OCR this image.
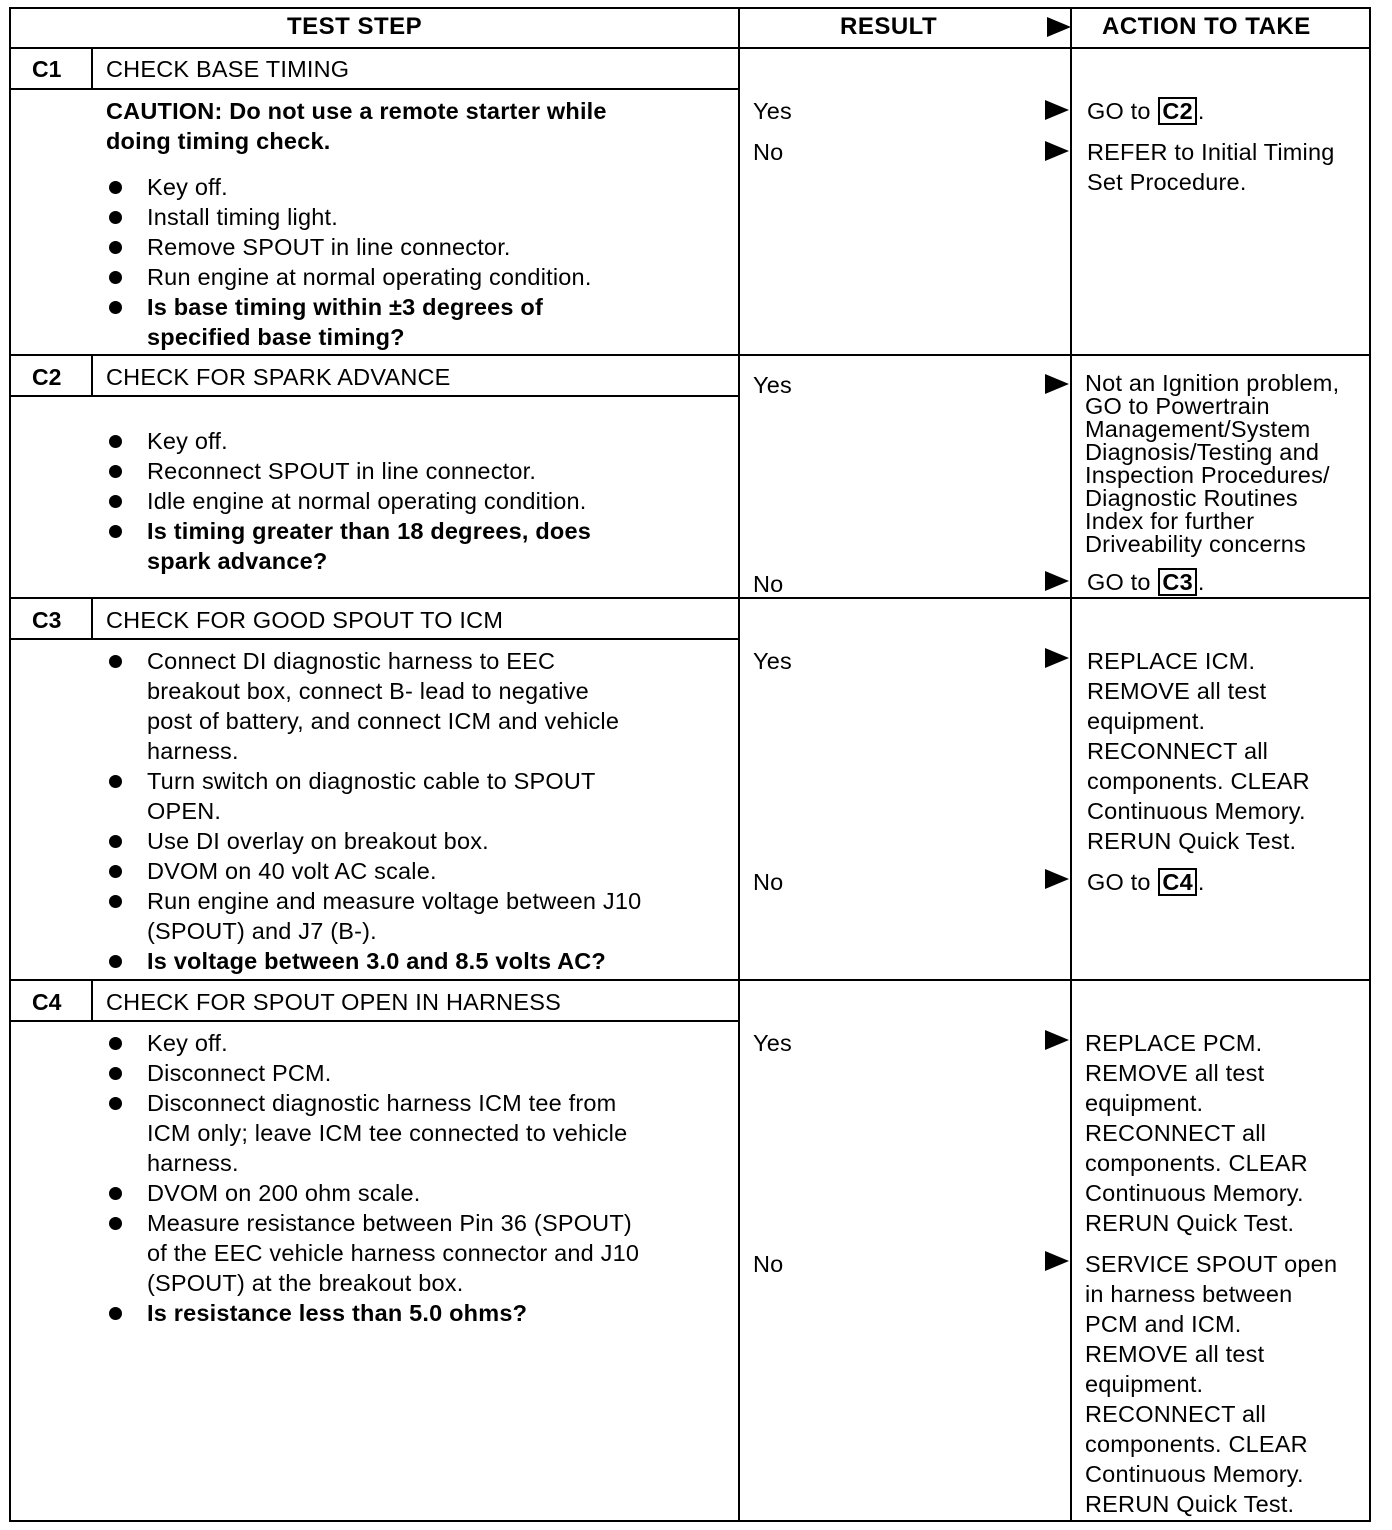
TEST STEP	RESULT	ACTION TO TAKE
C1 CHECK BASE TIMING
CAUTION: Do not use a remote starter while
doing timing check.
Key off.
Install timing light.
Remove SPOUT in line connector.
Run engine at normal operating condition.
Is base timing within ±3 degrees of
specified base timing?
Yes	GO to C2 .
No	REFER to Initial Timing
Set Procedure.
C2 CHECK FOR SPARK ADVANCE
Key off.
Reconnect SPOUT in line connector.
Idle engine at normal operating condition.
Is timing greater than 18 degrees, does
spark advance?
Yes	Not an Ignition problem,
GO to Powertrain
Management/System
Diagnosis/Testing and
Inspection Procedures/
Diagnostic Routines
Index for further
Driveability concerns
No	GO to C3 .
C3 CHECK FOR GOOD SPOUT TO ICM
Connect DI diagnostic harness to EEC
breakout box, connect B- lead to negative
post of battery, and connect ICM and vehicle
harness.
Turn switch on diagnostic cable to SPOUT
OPEN.
Use DI overlay on breakout box.
DVOM on 40 volt AC scale.
Run engine and measure voltage between J10
(SPOUT) and J7 (B-).
Is voltage between 3.0 and 8.5 volts AC?
Yes	REPLACE ICM.
REMOVE all test
equipment.
RECONNECT all
components. CLEAR
Continuous Memory.
RERUN Quick Test.
No	GO to C4 .
C4 CHECK FOR SPOUT OPEN IN HARNESS
Key off.
Disconnect PCM.
Disconnect diagnostic harness ICM tee from
ICM only; leave ICM tee connected to vehicle
harness.
DVOM on 200 ohm scale.
Measure resistance between Pin 36 (SPOUT)
of the EEC vehicle harness connector and J10
(SPOUT) at the breakout box.
Is resistance less than 5.0 ohms?
Yes	REPLACE PCM.
REMOVE all test
equipment.
RECONNECT all
components. CLEAR
Continuous Memory.
RERUN Quick Test.
No	SERVICE SPOUT open
in harness between
PCM and ICM.
REMOVE all test
equipment.
RECONNECT all
components. CLEAR
Continuous Memory.
RERUN Quick Test.
